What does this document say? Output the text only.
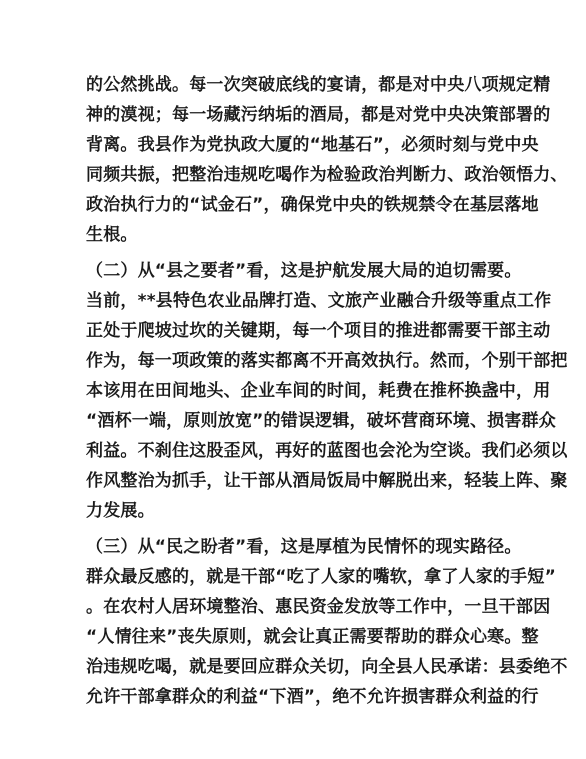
的公然挑战。每一次突破底线的宴请，都是对中央八项规定精
神的漠视；每一场藏污纳垢的酒局，都是对党中央决策部署的
背离。我县作为党执政大厦的“地基石”，必须时刻与党中央
同频共振，把整治违规吃喝作为检验政治判断力、政治领悟力、
政治执行力的“试金石”，确保党中央的铁规禁令在基层落地
生根。
（二）从“县之要者”看，这是护航发展大局的迫切需要。
当前，**县特色农业品牌打造、文旅产业融合升级等重点工作
正处于爬坡过坎的关键期，每一个项目的推进都需要干部主动
作为，每一项政策的落实都离不开高效执行。然而，个别干部把
本该用在田间地头、企业车间的时间，耗费在推杯换盏中，用
“酒杯一端，原则放宽”的错误逻辑，破坏营商环境、损害群众
利益。不刹住这股歪风，再好的蓝图也会沦为空谈。我们必须以
作风整治为抓手，让干部从酒局饭局中解脱出来，轻装上阵、聚
力发展。
（三）从“民之盼者”看，这是厚植为民情怀的现实路径。
群众最反感的，就是干部“吃了人家的嘴软，拿了人家的手短”
。在农村人居环境整治、惠民资金发放等工作中，一旦干部因
“人情往来”丧失原则，就会让真正需要帮助的群众心寒。整
治违规吃喝，就是要回应群众关切，向全县人民承诺：县委绝不
允许干部拿群众的利益“下酒”，绝不允许损害群众利益的行
